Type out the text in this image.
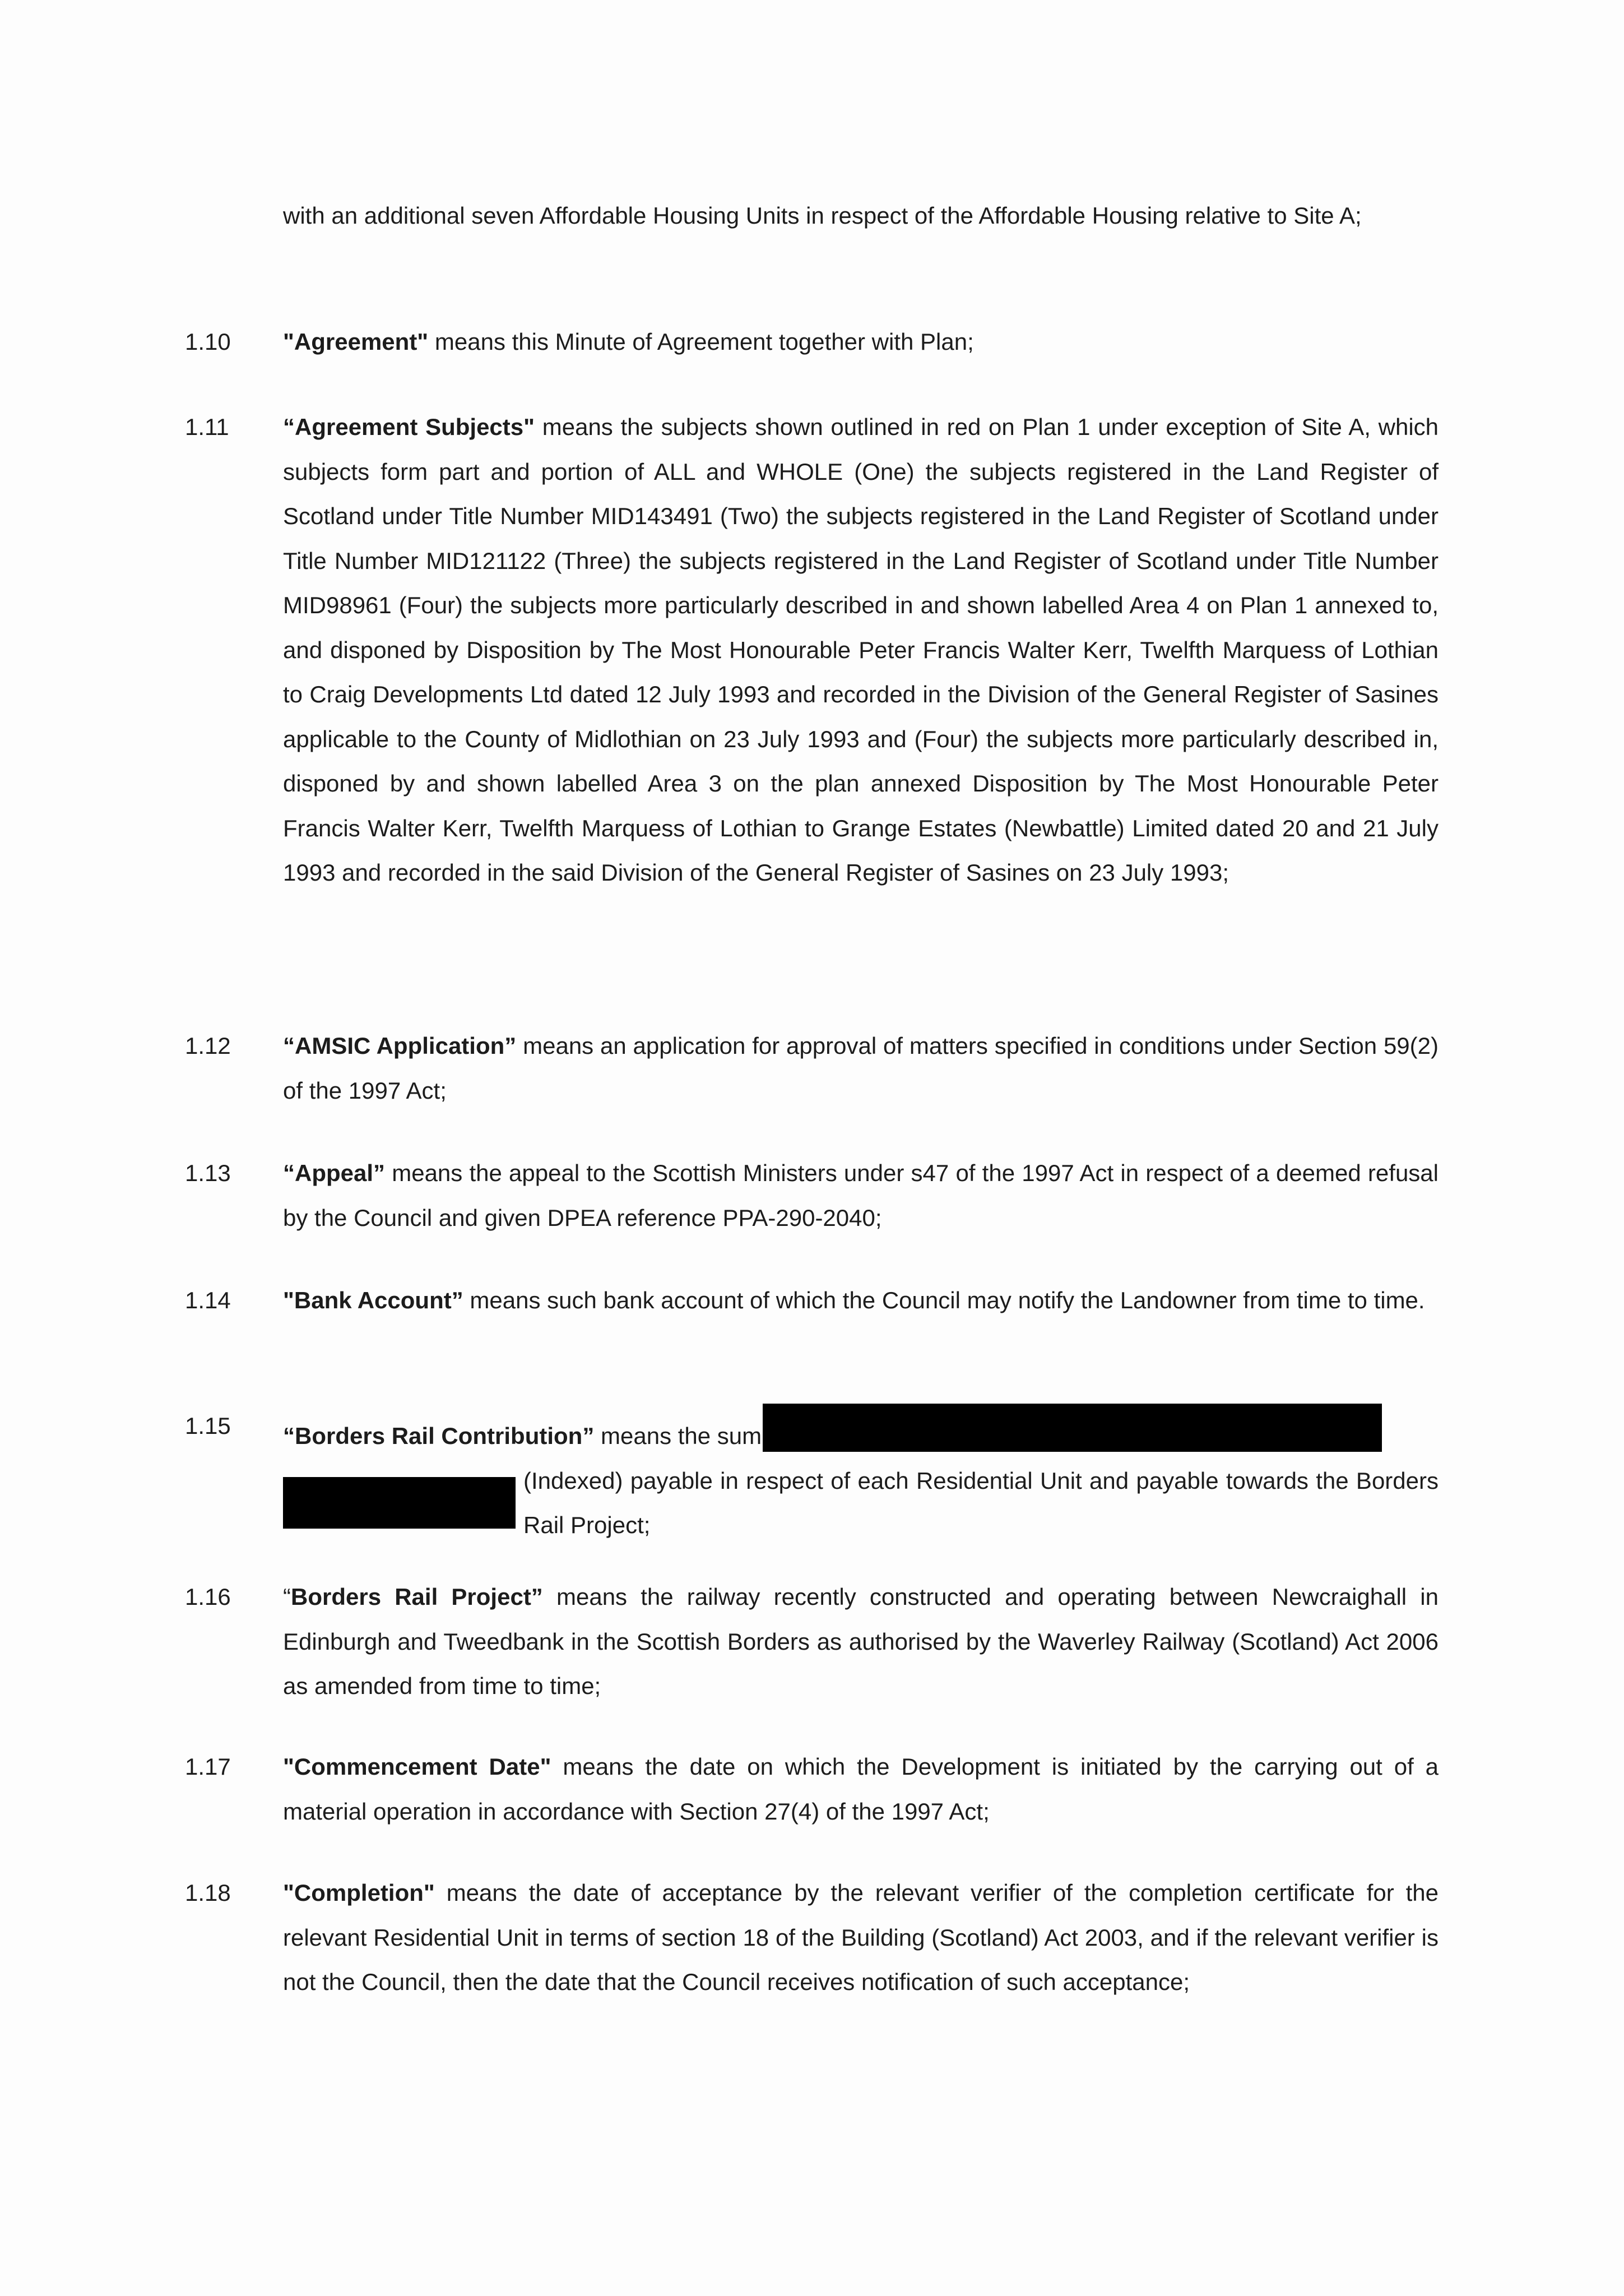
with an additional seven Affordable Housing Units in respect of the Affordable Housing relative to Site A;
1.10 "Agreement" means this Minute of Agreement together with Plan;
1.11 “Agreement Subjects" means the subjects shown outlined in red on Plan 1 under exception of Site A, which subjects form part and portion of ALL and WHOLE (One) the subjects registered in the Land Register of Scotland under Title Number MID143491 (Two) the subjects registered in the Land Register of Scotland under Title Number MID121122 (Three) the subjects registered in the Land Register of Scotland under Title Number MID98961 (Four) the subjects more particularly described in and shown labelled Area 4 on Plan 1 annexed to, and disponed by Disposition by The Most Honourable Peter Francis Walter Kerr, Twelfth Marquess of Lothian to Craig Developments Ltd dated 12 July 1993 and recorded in the Division of the General Register of Sasines applicable to the County of Midlothian on 23 July 1993 and (Four) the subjects more particularly described in, disponed by and shown labelled Area 3 on the plan annexed Disposition by The Most Honourable Peter Francis Walter Kerr, Twelfth Marquess of Lothian to Grange Estates (Newbattle) Limited dated 20 and 21 July 1993 and recorded in the said Division of the General Register of Sasines on 23 July 1993;
1.12 “AMSIC Application” means an application for approval of matters specified in conditions under Section 59(2) of the 1997 Act;
1.13 “Appeal” means the appeal to the Scottish Ministers under s47 of the 1997 Act in respect of a deemed refusal by the Council and given DPEA reference PPA-290-2040;
1.14 "Bank Account” means such bank account of which the Council may notify the Landowner from time to time.
1.15 “Borders Rail Contribution” means the sum
(Indexed) payable in respect of each Residential Unit and payable towards the Borders Rail Project;
1.16 “Borders Rail Project” means the railway recently constructed and operating between Newcraighall in Edinburgh and Tweedbank in the Scottish Borders as authorised by the Waverley Railway (Scotland) Act 2006 as amended from time to time;
1.17 "Commencement Date" means the date on which the Development is initiated by the carrying out of a material operation in accordance with Section 27(4) of the 1997 Act;
1.18 "Completion" means the date of acceptance by the relevant verifier of the completion certificate for the relevant Residential Unit in terms of section 18 of the Building (Scotland) Act 2003, and if the relevant verifier is not the Council, then the date that the Council receives notification of such acceptance;
